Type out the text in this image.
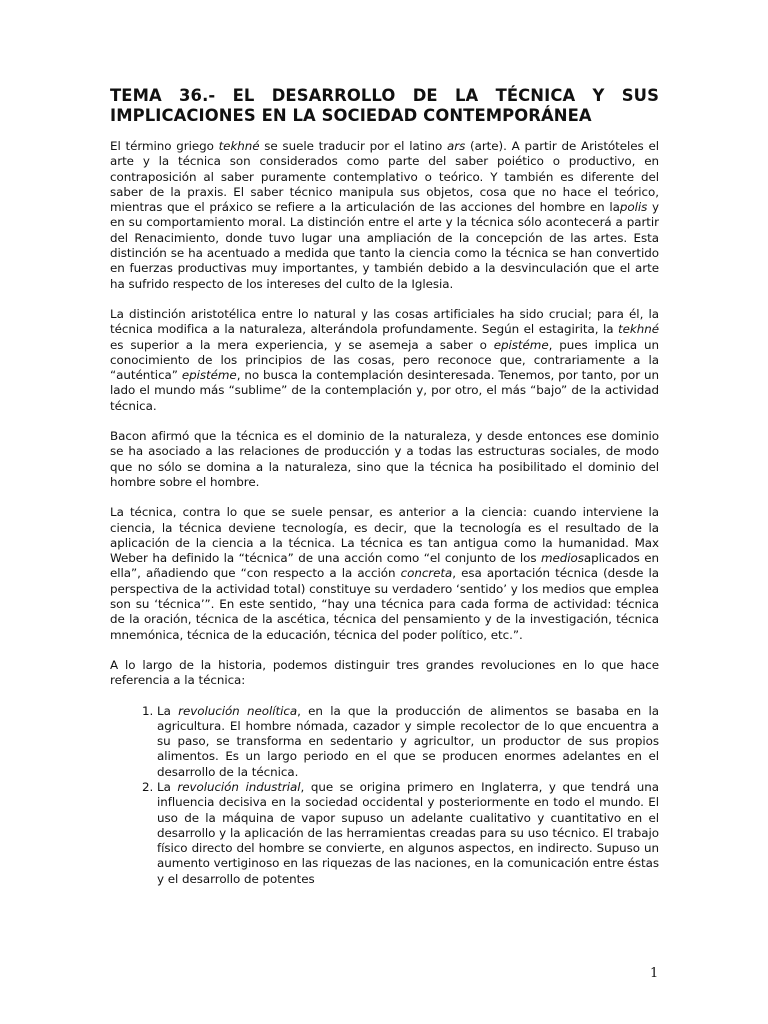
TEMA 36.- EL DESARROLLO DE LA TÉCNICA Y SUS IMPLICACIONES EN LA SOCIEDAD CONTEMPORÁNEA

El término griego tekhné se suele traducir por el latino ars (arte). A partir de Aristóteles el arte y la técnica son considerados como parte del saber poiético o productivo, en contraposición al saber puramente contemplativo o teórico. Y también es diferente del saber de la praxis. El saber técnico manipula sus objetos, cosa que no hace el teórico, mientras que el práxico se refiere a la articulación de las acciones del hombre en lapolis y en su comportamiento moral. La distinción entre el arte y la técnica sólo acontecerá a partir del Renacimiento, donde tuvo lugar una ampliación de la concepción de las artes. Esta distinción se ha acentuado a medida que tanto la ciencia como la técnica se han convertido en fuerzas productivas muy importantes, y también debido a la desvinculación que el arte ha sufrido respecto de los intereses del culto de la Iglesia.

La distinción aristotélica entre lo natural y las cosas artificiales ha sido crucial; para él, la técnica modifica a la naturaleza, alterándola profundamente. Según el estagirita, la tekhné es superior a la mera experiencia, y se asemeja a saber o epistéme, pues implica un conocimiento de los principios de las cosas, pero reconoce que, contrariamente a la “auténtica” epistéme, no busca la contemplación desinteresada. Tenemos, por tanto, por un lado el mundo más “sublime” de la contemplación y, por otro, el más “bajo” de la actividad técnica.

Bacon afirmó que la técnica es el dominio de la naturaleza, y desde entonces ese dominio se ha asociado a las relaciones de producción y a todas las estructuras sociales, de modo que no sólo se domina a la naturaleza, sino que la técnica ha posibilitado el dominio del hombre sobre el hombre.

La técnica, contra lo que se suele pensar, es anterior a la ciencia: cuando interviene la ciencia, la técnica deviene tecnología, es decir, que la tecnología es el resultado de la aplicación de la ciencia a la técnica. La técnica es tan antigua como la humanidad. Max Weber ha definido la “técnica” de una acción como “el conjunto de los mediosaplicados en ella”, añadiendo que “con respecto a la acción concreta, esa aportación técnica (desde la perspectiva de la actividad total) constituye su verdadero ‘sentido’ y los medios que emplea son su ‘técnica’”. En este sentido, “hay una técnica para cada forma de actividad: técnica de la oración, técnica de la ascética, técnica del pensamiento y de la investigación, técnica mnemónica, técnica de la educación, técnica del poder político, etc.”.

A lo largo de la historia, podemos distinguir tres grandes revoluciones en lo que hace referencia a la técnica:

1. La revolución neolítica, en la que la producción de alimentos se basaba en la agricultura. El hombre nómada, cazador y simple recolector de lo que encuentra a su paso, se transforma en sedentario y agricultor, un productor de sus propios alimentos. Es un largo periodo en el que se producen enormes adelantes en el desarrollo de la técnica.
2. La revolución industrial, que se origina primero en Inglaterra, y que tendrá una influencia decisiva en la sociedad occidental y posteriormente en todo el mundo. El uso de la máquina de vapor supuso un adelante cualitativo y cuantitativo en el desarrollo y la aplicación de las herramientas creadas para su uso técnico. El trabajo físico directo del hombre se convierte, en algunos aspectos, en indirecto. Supuso un aumento vertiginoso en las riquezas de las naciones, en la comunicación entre éstas y el desarrollo de potentes
1
